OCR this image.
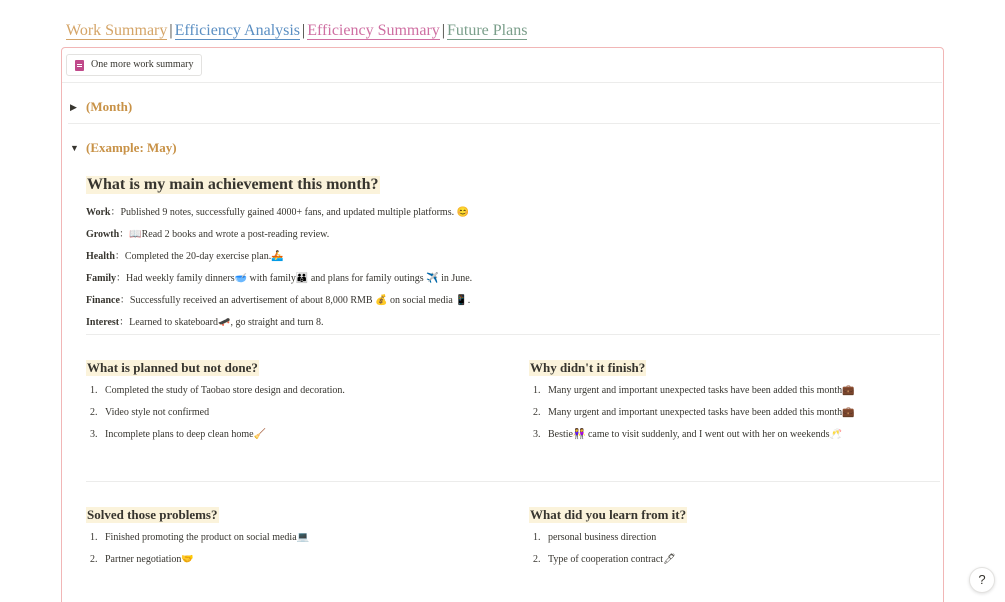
Work Summary | Efficiency Analysis | Efficiency Summary | Future Plans
One more work summary
▶ (Month)
▼ (Example: May)
What is my main achievement this month?
Work：Published 9 notes, successfully gained 4000+ fans, and updated multiple platforms. 😊
Growth：📖Read 2 books and wrote a post-reading review.
Health：Completed the 20-day exercise plan.🚣
Family：Had weekly family dinners🥣 with family👪 and plans for family outings ✈️ in June.
Finance：Successfully received an advertisement of about 8,000 RMB 💰 on social media 📱.
Interest：Learned to skateboard🛹, go straight and turn 8.
What is planned but not done?
1. Completed the study of Taobao store design and decoration.
2. Video style not confirmed
3. Incomplete plans to deep clean home🧹
Why didn't it finish?
1. Many urgent and important unexpected tasks have been added this month💼
2. Many urgent and important unexpected tasks have been added this month💼
3. Bestie👭 came to visit suddenly, and I went out with her on weekends🥂
Solved those problems?
1. Finished promoting the product on social media💻
2. Partner negotiation🤝
What did you learn from it?
1. personal business direction
2. Type of cooperation contract🖊
?
